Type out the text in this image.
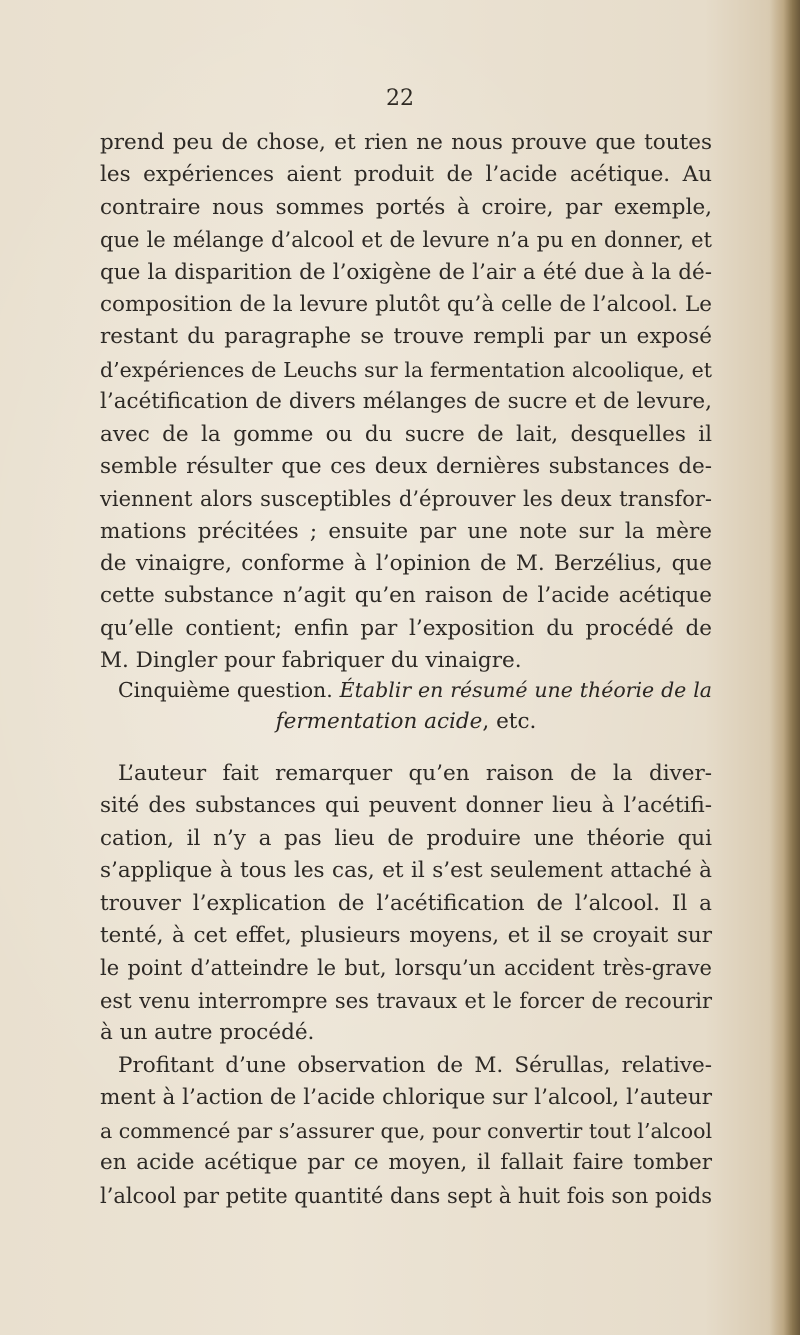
22
prend peu de chose, et rien ne nous prouve que toutes
les expériences aient produit de l’acide acétique. Au
contraire nous sommes portés à croire, par exemple,
que le mélange d’alcool et de levure n’a pu en donner, et
que la disparition de l’oxigène de l’air a été due à la dé-
composition de la levure plutôt qu’à celle de l’alcool. Le
restant du paragraphe se trouve rempli par un exposé
d’expériences de Leuchs sur la fermentation alcoolique, et
l’acétification de divers mélanges de sucre et de levure,
avec de la gomme ou du sucre de lait, desquelles il
semble résulter que ces deux dernières substances de-
viennent alors susceptibles d’éprouver les deux transfor-
mations précitées ; ensuite par une note sur la mère
de vinaigre, conforme à l’opinion de M. Berzélius, que
cette substance n’agit qu’en raison de l’acide acétique
qu’elle contient; enfin par l’exposition du procédé de
M. Dingler pour fabriquer du vinaigre.
Cinquième question. Établir en résumé une théorie de la
fermentation acide, etc.
L’auteur fait remarquer qu’en raison de la diver-
sité des substances qui peuvent donner lieu à l’acétifi-
cation, il n’y a pas lieu de produire une théorie qui
s’applique à tous les cas, et il s’est seulement attaché à
trouver l’explication de l’acétification de l’alcool. Il a
tenté, à cet effet, plusieurs moyens, et il se croyait sur
le point d’atteindre le but, lorsqu’un accident très-grave
est venu interrompre ses travaux et le forcer de recourir
à un autre procédé.
Profitant d’une observation de M. Sérullas, relative-
ment à l’action de l’acide chlorique sur l’alcool, l’auteur
a commencé par s’assurer que, pour convertir tout l’alcool
en acide acétique par ce moyen, il fallait faire tomber
l’alcool par petite quantité dans sept à huit fois son poids
